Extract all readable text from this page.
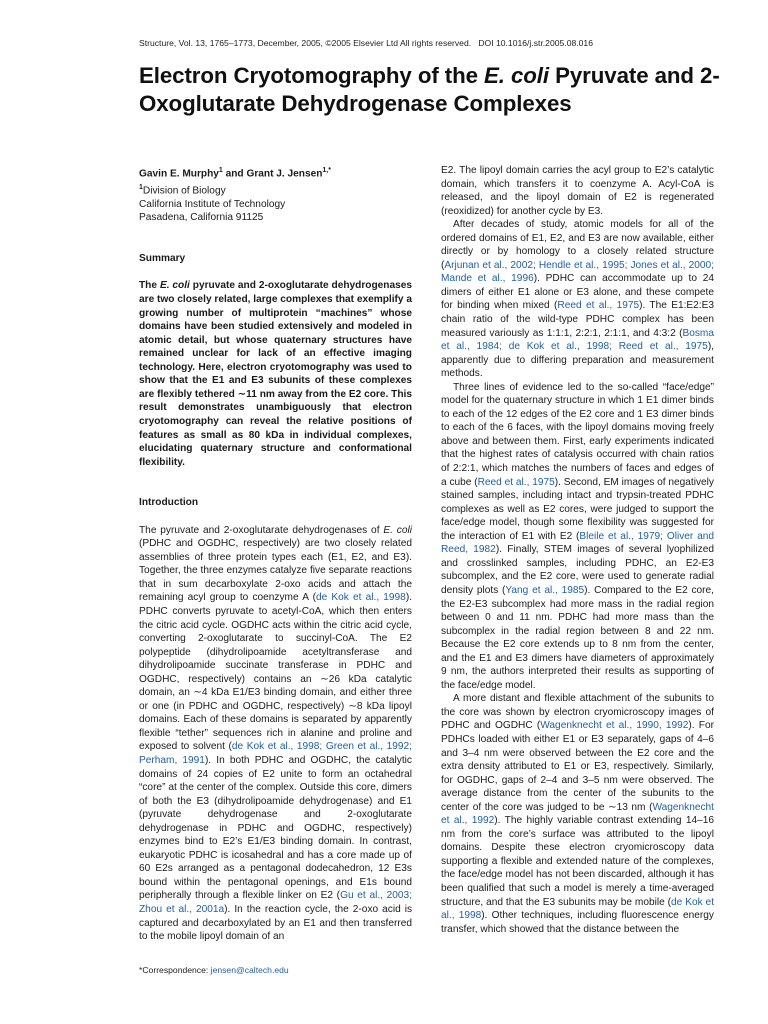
Structure, Vol. 13, 1765–1773, December, 2005, ©2005 Elsevier Ltd All rights reserved. DOI 10.1016/j.str.2005.08.016
Electron Cryotomography of the E. coli Pyruvate and 2-Oxoglutarate Dehydrogenase Complexes

Gavin E. Murphy$^1$ and Grant J. Jensen$^{1,*}$

$^1$Division of Biology

California Institute of Technology

Pasadena, California 91125

Summary

The E. coli pyruvate and 2-oxoglutarate dehydrogenases are two closely related, large complexes that exemplify a growing number of multiprotein “machines” whose domains have been studied extensively and modeled in atomic detail, but whose quaternary structures have remained unclear for lack of an effective imaging technology. Here, electron cryotomography was used to show that the E1 and E3 subunits of these complexes are flexibly tethered ∼11 nm away from the E2 core. This result demonstrates unambiguously that electron cryotomography can reveal the relative positions of features as small as 80 kDa in individual complexes, elucidating quaternary structure and conformational flexibility.

Introduction

The pyruvate and 2-oxoglutarate dehydrogenases of E. coli (PDHC and OGDHC, respectively) are two closely related assemblies of three protein types each (E1, E2, and E3). Together, the three enzymes catalyze five separate reactions that in sum decarboxylate 2-oxo acids and attach the remaining acyl group to coenzyme A (de Kok et al., 1998). PDHC converts pyruvate to acetyl-CoA, which then enters the citric acid cycle. OGDHC acts within the citric acid cycle, converting 2-oxoglutarate to succinyl-CoA. The E2 polypeptide (dihydrolipoamide acetyltransferase and dihydrolipoamide succinate transferase in PDHC and OGDHC, respectively) contains an ∼26 kDa catalytic domain, an ∼4 kDa E1/E3 binding domain, and either three or one (in PDHC and OGDHC, respectively) ∼8 kDa lipoyl domains. Each of these domains is separated by apparently flexible “tether” sequences rich in alanine and proline and exposed to solvent (de Kok et al., 1998; Green et al., 1992; Perham, 1991). In both PDHC and OGDHC, the catalytic domains of 24 copies of E2 unite to form an octahedral “core” at the center of the complex. Outside this core, dimers of both the E3 (dihydrolipoamide dehydrogenase) and E1 (pyruvate dehydrogenase and 2-oxoglutarate dehydrogenase in PDHC and OGDHC, respectively) enzymes bind to E2’s E1/E3 binding domain. In contrast, eukaryotic PDHC is icosahedral and has a core made up of 60 E2s arranged as a pentagonal dodecahedron, 12 E3s bound within the pentagonal openings, and E1s bound peripherally through a flexible linker on E2 (Gu et al., 2003; Zhou et al., 2001a). In the reaction cycle, the 2-oxo acid is captured and decarboxylated by an E1 and then transferred to the mobile lipoyl domain of an

E2. The lipoyl domain carries the acyl group to E2’s catalytic domain, which transfers it to coenzyme A. Acyl-CoA is released, and the lipoyl domain of E2 is regenerated (reoxidized) for another cycle by E3.

After decades of study, atomic models for all of the ordered domains of E1, E2, and E3 are now available, either directly or by homology to a closely related structure (Arjunan et al., 2002; Hendle et al., 1995; Jones et al., 2000; Mande et al., 1996). PDHC can accommodate up to 24 dimers of either E1 alone or E3 alone, and these compete for binding when mixed (Reed et al., 1975). The E1:E2:E3 chain ratio of the wild-type PDHC complex has been measured variously as 1:1:1, 2:2:1, 2:1:1, and 4:3:2 (Bosma et al., 1984; de Kok et al., 1998; Reed et al., 1975), apparently due to differing preparation and measurement methods.

Three lines of evidence led to the so-called “face/edge” model for the quaternary structure in which 1 E1 dimer binds to each of the 12 edges of the E2 core and 1 E3 dimer binds to each of the 6 faces, with the lipoyl domains moving freely above and between them. First, early experiments indicated that the highest rates of catalysis occurred with chain ratios of 2:2:1, which matches the numbers of faces and edges of a cube (Reed et al., 1975). Second, EM images of negatively stained samples, including intact and trypsin-treated PDHC complexes as well as E2 cores, were judged to support the face/edge model, though some flexibility was suggested for the interaction of E1 with E2 (Bleile et al., 1979; Oliver and Reed, 1982). Finally, STEM images of several lyophilized and crosslinked samples, including PDHC, an E2-E3 subcomplex, and the E2 core, were used to generate radial density plots (Yang et al., 1985). Compared to the E2 core, the E2-E3 subcomplex had more mass in the radial region between 0 and 11 nm. PDHC had more mass than the subcomplex in the radial region between 8 and 22 nm. Because the E2 core extends up to 8 nm from the center, and the E1 and E3 dimers have diameters of approximately 9 nm, the authors interpreted their results as supporting of the face/edge model.

A more distant and flexible attachment of the subunits to the core was shown by electron cryomicroscopy images of PDHC and OGDHC (Wagenknecht et al., 1990, 1992). For PDHCs loaded with either E1 or E3 separately, gaps of 4–6 and 3–4 nm were observed between the E2 core and the extra density attributed to E1 or E3, respectively. Similarly, for OGDHC, gaps of 2–4 and 3–5 nm were observed. The average distance from the center of the subunits to the center of the core was judged to be ∼13 nm (Wagenknecht et al., 1992). The highly variable contrast extending 14–16 nm from the core’s surface was attributed to the lipoyl domains. Despite these electron cryomicroscopy data supporting a flexible and extended nature of the complexes, the face/edge model has not been discarded, although it has been qualified that such a model is merely a time-averaged structure, and that the E3 subunits may be mobile (de Kok et al., 1998). Other techniques, including fluorescence energy transfer, which showed that the distance between the

*Correspondence: jensen@caltech.edu
